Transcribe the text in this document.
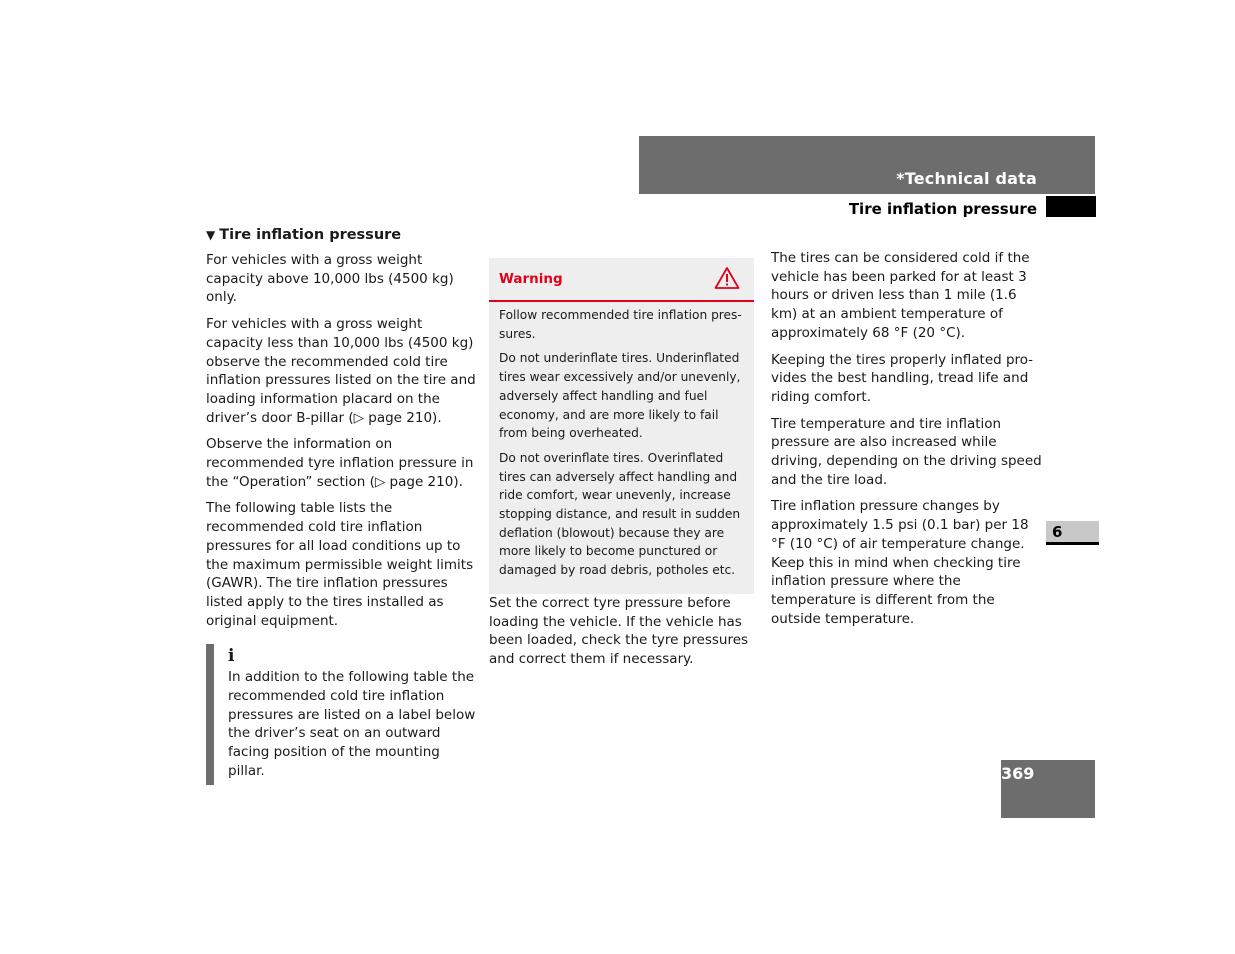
*Technical data
Tire inflation pressure
6
369
▼ Tire inflation pressure

For vehicles with a gross weight capacity above 10,000 lbs (4500 kg) only.

For vehicles with a gross weight capacity less than 10,000 lbs (4500 kg) observe the recommended cold tire inflation pressures listed on the tire and loading information placard on the driver’s door B-pillar (▷ page 210).

Observe the information on recommended tyre inflation pressure in the “Operation” section (▷ page 210).

The following table lists the recommended cold tire inflation pressures for all load conditions up to the maximum permissible weight limits (GAWR). The tire inflation pressures listed apply to the tires installed as original equipment.

i

In addition to the following table the recommended cold tire inflation pressures are listed on a label below the driver’s seat on an outward facing position of the mounting pillar.

Warning

Follow recommended tire inflation pressures.

Do not underinflate tires. Underinflated tires wear excessively and/or unevenly, adversely affect handling and fuel economy, and are more likely to fail from being overheated.

Do not overinflate tires. Overinflated tires can adversely affect handling and ride comfort, wear unevenly, increase stopping distance, and result in sudden deflation (blowout) because they are more likely to become punctured or damaged by road debris, potholes etc.

Set the correct tyre pressure before loading the vehicle. If the vehicle has been loaded, check the tyre pressures and correct them if necessary.

The tires can be considered cold if the vehicle has been parked for at least 3 hours or driven less than 1 mile (1.6 km) at an ambient temperature of approximately 68 °F (20 °C).

Keeping the tires properly inflated provides the best handling, tread life and riding comfort.

Tire temperature and tire inflation pressure are also increased while driving, depending on the driving speed and the tire load.

Tire inflation pressure changes by approximately 1.5 psi (0.1 bar) per 18 °F (10 °C) of air temperature change. Keep this in mind when checking tire inflation pressure where the temperature is different from the outside temperature.
